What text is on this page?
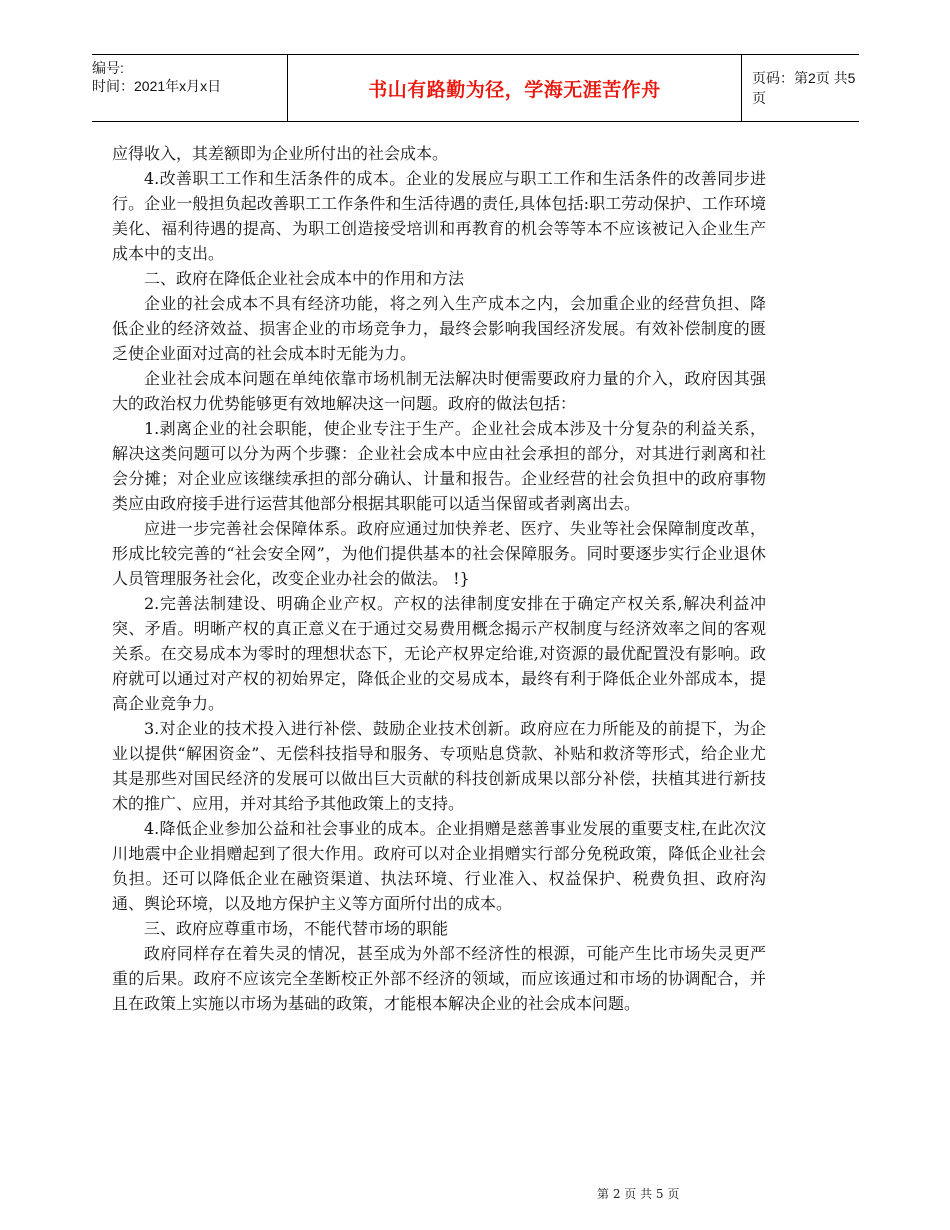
编号:
时间：2021年x月x日	书山有路勤为径，学海无涯苦作舟
页码：第2页 共5页

应得收入，其差额即为企业所付出的社会成本。

4.改善职工工作和生活条件的成本。企业的发展应与职工工作和生活条件的改善同步进行。企业一般担负起改善职工工作条件和生活待遇的责任,具体包括:职工劳动保护、工作环境美化、福利待遇的提高、为职工创造接受培训和再教育的机会等等本不应该被记入企业生产成本中的支出。

二、政府在降低企业社会成本中的作用和方法

企业的社会成本不具有经济功能，将之列入生产成本之内，会加重企业的经营负担、降低企业的经济效益、损害企业的市场竞争力，最终会影响我国经济发展。有效补偿制度的匮乏使企业面对过高的社会成本时无能为力。

企业社会成本问题在单纯依靠市场机制无法解决时便需要政府力量的介入，政府因其强大的政治权力优势能够更有效地解决这一问题。政府的做法包括：

1.剥离企业的社会职能，使企业专注于生产。企业社会成本涉及十分复杂的利益关系，解决这类问题可以分为两个步骤：企业社会成本中应由社会承担的部分，对其进行剥离和社会分摊；对企业应该继续承担的部分确认、计量和报告。企业经营的社会负担中的政府事物类应由政府接手进行运营其他部分根据其职能可以适当保留或者剥离出去。

应进一步完善社会保障体系。政府应通过加快养老、医疗、失业等社会保障制度改革，形成比较完善的“社会安全网”，为他们提供基本的社会保障服务。同时要逐步实行企业退休人员管理服务社会化，改变企业办社会的做法。 !}

2.完善法制建设、明确企业产权。产权的法律制度安排在于确定产权关系,解决利益冲突、矛盾。明晰产权的真正意义在于通过交易费用概念揭示产权制度与经济效率之间的客观关系。在交易成本为零时的理想状态下，无论产权界定给谁,对资源的最优配置没有影响。政府就可以通过对产权的初始界定，降低企业的交易成本，最终有利于降低企业外部成本，提高企业竞争力。

3.对企业的技术投入进行补偿、鼓励企业技术创新。政府应在力所能及的前提下，为企业以提供“解困资金”、无偿科技指导和服务、专项贴息贷款、补贴和救济等形式，给企业尤其是那些对国民经济的发展可以做出巨大贡献的科技创新成果以部分补偿，扶植其进行新技术的推广、应用，并对其给予其他政策上的支持。

4.降低企业参加公益和社会事业的成本。企业捐赠是慈善事业发展的重要支柱,在此次汶川地震中企业捐赠起到了很大作用。政府可以对企业捐赠实行部分免税政策，降低企业社会负担。还可以降低企业在融资渠道、执法环境、行业准入、权益保护、税费负担、政府沟通、舆论环境，以及地方保护主义等方面所付出的成本。

三、政府应尊重市场，不能代替市场的职能

政府同样存在着失灵的情况，甚至成为外部不经济性的根源，可能产生比市场失灵更严重的后果。政府不应该完全垄断校正外部不经济的领域，而应该通过和市场的协调配合，并且在政策上实施以市场为基础的政策，才能根本解决企业的社会成本问题。

第 2 页 共 5 页
